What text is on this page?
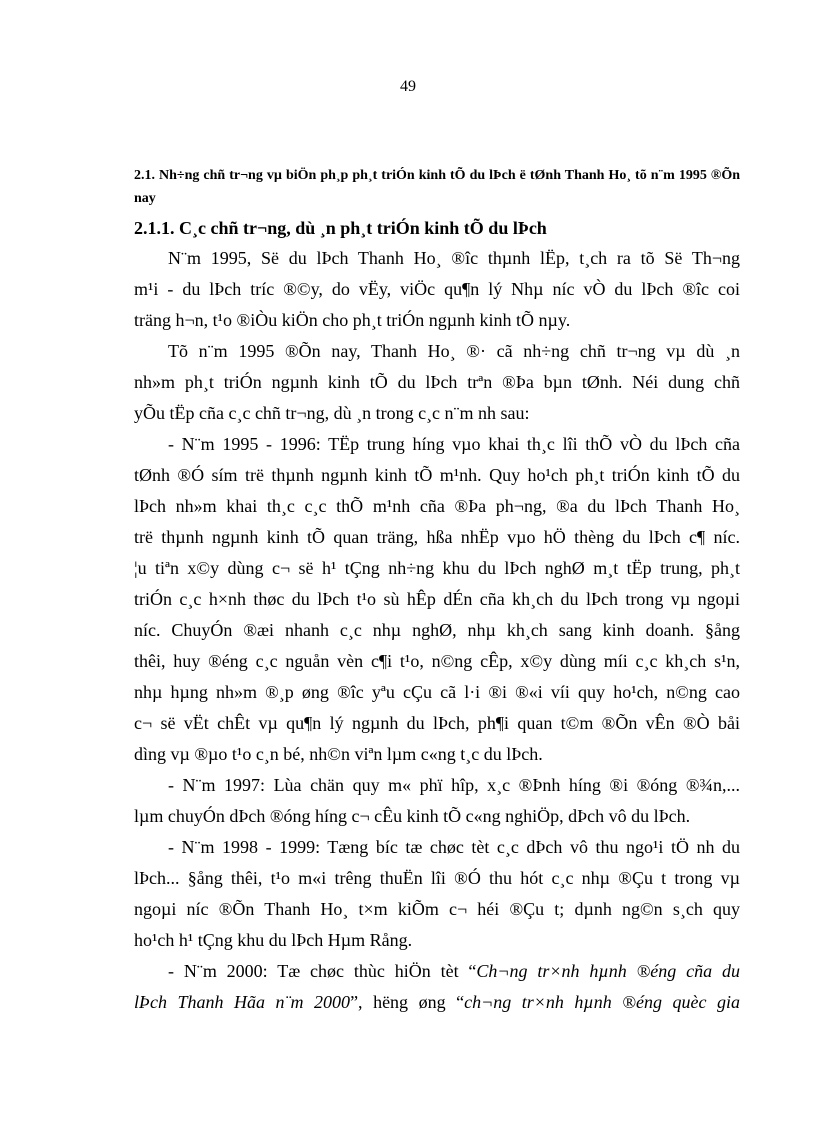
49
2.1. Nh÷ng chñ tr¬ng vµ biÖn ph¸p ph¸t triÓn kinh tÕ du lÞch ë tØnh Thanh Ho¸ tõ n¨m 1995 ®Õn nay
2.1.1. C¸c chñ tr¬ng, dù ¸n ph¸t triÓn kinh tÕ du lÞch
N¨m 1995, Së du lÞch Thanh Ho¸ ®îc thµnh lËp, t¸ch ra tõ Së Th¬ng
m¹i - du lÞch tríc ®©y, do vËy, viÖc qu¶n lý Nhµ níc vÒ du lÞch ®îc coi
träng h¬n, t¹o ®iÒu kiÖn cho ph¸t triÓn ngµnh kinh tÕ nµy.
Tõ n¨m 1995 ®Õn nay, Thanh Ho¸ ®· cã nh÷ng chñ tr¬ng vµ dù ¸n
nh»m ph¸t triÓn ngµnh kinh tÕ du lÞch trªn ®Þa bµn tØnh. Néi dung chñ
yÕu tËp cña c¸c chñ tr¬ng, dù ¸n trong c¸c n¨m nh sau:
- N¨m 1995 - 1996: TËp trung híng vµo khai th¸c lîi thÕ vÒ du lÞch cña
tØnh ®Ó sím trë thµnh ngµnh kinh tÕ m¹nh. Quy ho¹ch ph¸t triÓn kinh tÕ du
lÞch nh»m khai th¸c c¸c thÕ m¹nh cña ®Þa ph¬ng, ®a du lÞch Thanh Ho¸
trë thµnh ngµnh kinh tÕ quan träng, hßa nhËp vµo hÖ thèng du lÞch c¶ níc.
¦u tiªn x©y dùng c¬ së h¹ tÇng nh÷ng khu du lÞch nghØ m¸t tËp trung, ph¸t
triÓn c¸c h×nh thøc du lÞch t¹o sù hÊp dÉn cña kh¸ch du lÞch trong vµ ngoµi
níc. ChuyÓn ®æi nhanh c¸c nhµ nghØ, nhµ kh¸ch sang kinh doanh. §ång
thêi, huy ®éng c¸c nguån vèn c¶i t¹o, n©ng cÊp, x©y dùng míi c¸c kh¸ch s¹n,
nhµ hµng nh»m ®¸p øng ®îc yªu cÇu cã l·i ®i ®«i víi quy ho¹ch, n©ng cao
c¬ së vËt chÊt vµ qu¶n lý ngµnh du lÞch, ph¶i quan t©m ®Õn vÊn ®Ò båi
dìng vµ ®µo t¹o c¸n bé, nh©n viªn lµm c«ng t¸c du lÞch.
- N¨m 1997: Lùa chän quy m« phï hîp, x¸c ®Þnh híng ®i ®óng ®¾n,...
lµm chuyÓn dÞch ®óng híng c¬ cÊu kinh tÕ c«ng nghiÖp, dÞch vô du lÞch.
- N¨m 1998 - 1999: Tæng bíc tæ chøc tèt c¸c dÞch vô thu ngo¹i tÖ nh du
lÞch... §ång thêi, t¹o m«i trêng thuËn lîi ®Ó thu hót c¸c nhµ ®Çu t trong vµ
ngoµi níc ®Õn Thanh Ho¸ t×m kiÕm c¬ héi ®Çu t; dµnh ng©n s¸ch quy
ho¹ch h¹ tÇng khu du lÞch Hµm Rång.
- N¨m 2000: Tæ chøc thùc hiÖn tèt “Ch¬ng tr×nh hµnh ®éng cña du
lÞch Thanh Hãa n¨m 2000”, hëng øng “ch¬ng tr×nh hµnh ®éng quèc gia
